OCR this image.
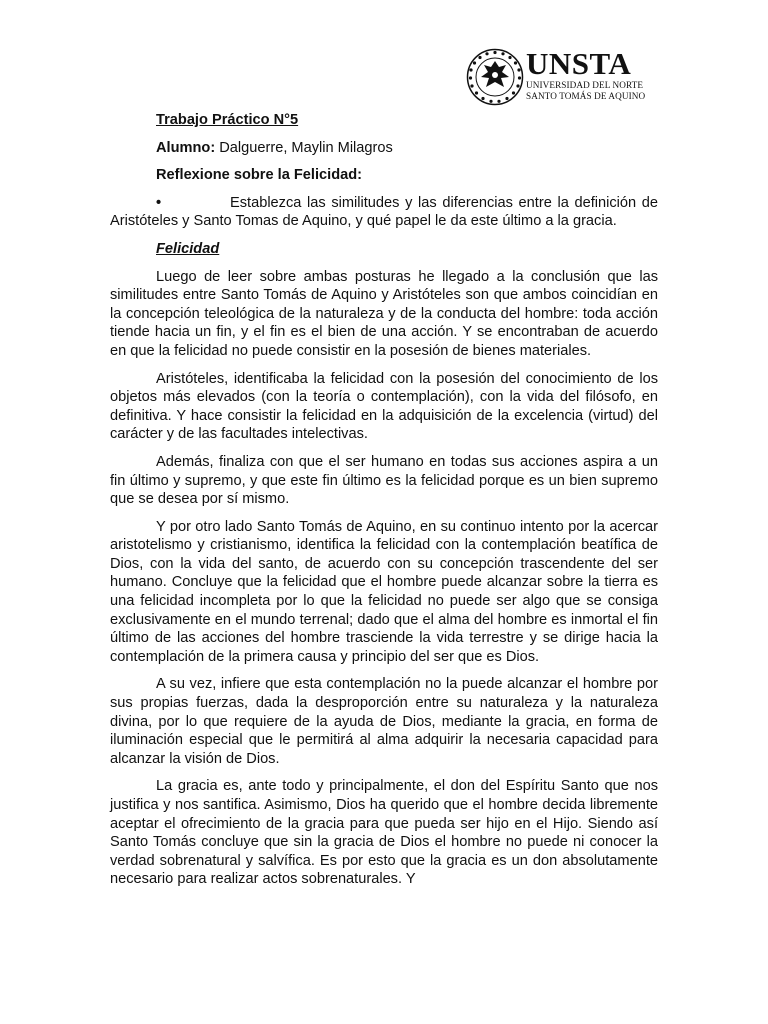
UNSTA
UNIVERSIDAD DEL NORTE
SANTO TOMÁS DE AQUINO

Trabajo Práctico N°5

Alumno: Dalguerre, Maylin Milagros

Reflexione sobre la Felicidad:

•	Establezca las similitudes y las diferencias entre la definición de Aristóteles y Santo Tomas de Aquino, y qué papel le da este último a la gracia.

Felicidad

Luego de leer sobre ambas posturas he llegado a la conclusión que las similitudes entre Santo Tomás de Aquino y Aristóteles son que ambos coincidían en la concepción teleológica de la naturaleza y de la conducta del hombre: toda acción tiende hacia un fin, y el fin es el bien de una acción. Y se encontraban de acuerdo en que la felicidad no puede consistir en la posesión de bienes materiales.

Aristóteles, identificaba la felicidad con la posesión del conocimiento de los objetos más elevados (con la teoría o contemplación), con la vida del filósofo, en definitiva. Y hace consistir la felicidad en la adquisición de la excelencia (virtud) del carácter y de las facultades intelectivas.

Además, finaliza con que el ser humano en todas sus acciones aspira a un fin último y supremo, y que este fin último es la felicidad porque es un bien supremo que se desea por sí mismo.

Y por otro lado Santo Tomás de Aquino, en su continuo intento por la acercar aristotelismo y cristianismo, identifica la felicidad con la contemplación beatífica de Dios, con la vida del santo, de acuerdo con su concepción trascendente del ser humano. Concluye que la felicidad que el hombre puede alcanzar sobre la tierra es una felicidad incompleta por lo que la felicidad no puede ser algo que se consiga exclusivamente en el mundo terrenal; dado que el alma del hombre es inmortal el fin último de las acciones del hombre trasciende la vida terrestre y se dirige hacia la contemplación de la primera causa y principio del ser que es Dios.

A su vez, infiere que esta contemplación no la puede alcanzar el hombre por sus propias fuerzas, dada la desproporción entre su naturaleza y la naturaleza divina, por lo que requiere de la ayuda de Dios, mediante la gracia, en forma de iluminación especial que le permitirá al alma adquirir la necesaria capacidad para alcanzar la visión de Dios.

La gracia es, ante todo y principalmente, el don del Espíritu Santo que nos justifica y nos santifica. Asimismo, Dios ha querido que el hombre decida libremente aceptar el ofrecimiento de la gracia para que pueda ser hijo en el Hijo. Siendo así Santo Tomás concluye que sin la gracia de Dios el hombre no puede ni conocer la verdad sobrenatural y salvífica. Es por esto que la gracia es un don absolutamente necesario para realizar actos sobrenaturales. Y
